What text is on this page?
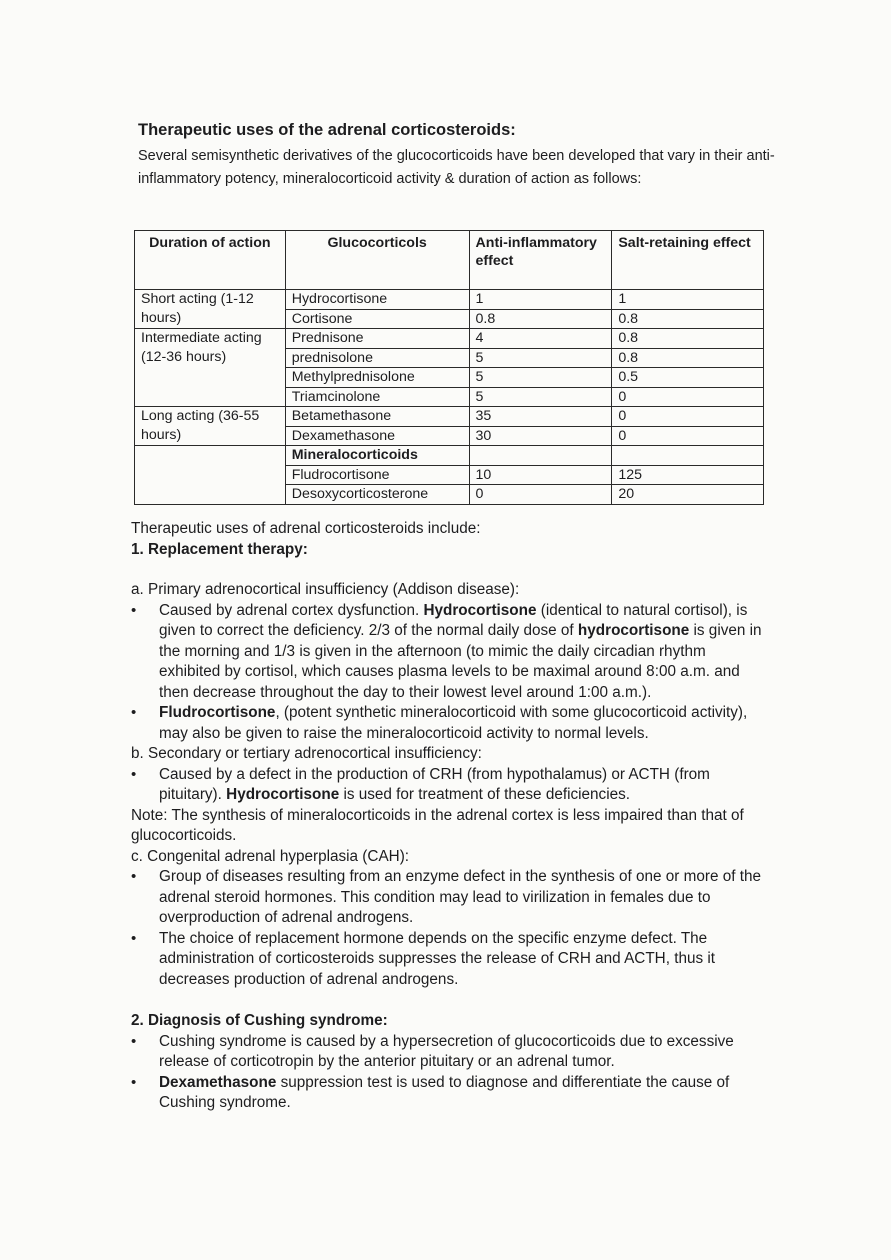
Therapeutic uses of the adrenal corticosteroids:

Several semisynthetic derivatives of the glucocorticoids have been developed that vary in their anti-inflammatory potency, mineralocorticoid activity & duration of action as follows:

Duration of action	Glucocorticols	Anti-inflammatory effect	Salt-retaining effect
Short acting (1-12 hours)	Hydrocortisone	1	1
	Cortisone	0.8	0.8
Intermediate acting (12-36 hours)	Prednisone	4	0.8
	prednisolone	5	0.8
	Methylprednisolone	5	0.5
	Triamcinolone	5	0
Long acting (36-55 hours)	Betamethasone	35	0
	Dexamethasone	30	0
	Mineralocorticoids		
	Fludrocortisone	10	125
	Desoxycorticosterone	0	20

Therapeutic uses of adrenal corticosteroids include:

1. Replacement therapy:

a. Primary adrenocortical insufficiency (Addison disease):

• Caused by adrenal cortex dysfunction. Hydrocortisone (identical to natural cortisol), is given to correct the deficiency. 2/3 of the normal daily dose of hydrocortisone is given in the morning and 1/3 is given in the afternoon (to mimic the daily circadian rhythm exhibited by cortisol, which causes plasma levels to be maximal around 8:00 a.m. and then decrease throughout the day to their lowest level around 1:00 a.m.).
• Fludrocortisone, (potent synthetic mineralocorticoid with some glucocorticoid activity), may also be given to raise the mineralocorticoid activity to normal levels.

b. Secondary or tertiary adrenocortical insufficiency:

• Caused by a defect in the production of CRH (from hypothalamus) or ACTH (from pituitary). Hydrocortisone is used for treatment of these deficiencies.

Note: The synthesis of mineralocorticoids in the adrenal cortex is less impaired than that of glucocorticoids.

c. Congenital adrenal hyperplasia (CAH):

• Group of diseases resulting from an enzyme defect in the synthesis of one or more of the adrenal steroid hormones. This condition may lead to virilization in females due to overproduction of adrenal androgens.
• The choice of replacement hormone depends on the specific enzyme defect. The administration of corticosteroids suppresses the release of CRH and ACTH, thus it decreases production of adrenal androgens.

2. Diagnosis of Cushing syndrome:

• Cushing syndrome is caused by a hypersecretion of glucocorticoids due to excessive release of corticotropin by the anterior pituitary or an adrenal tumor.
• Dexamethasone suppression test is used to diagnose and differentiate the cause of Cushing syndrome.
